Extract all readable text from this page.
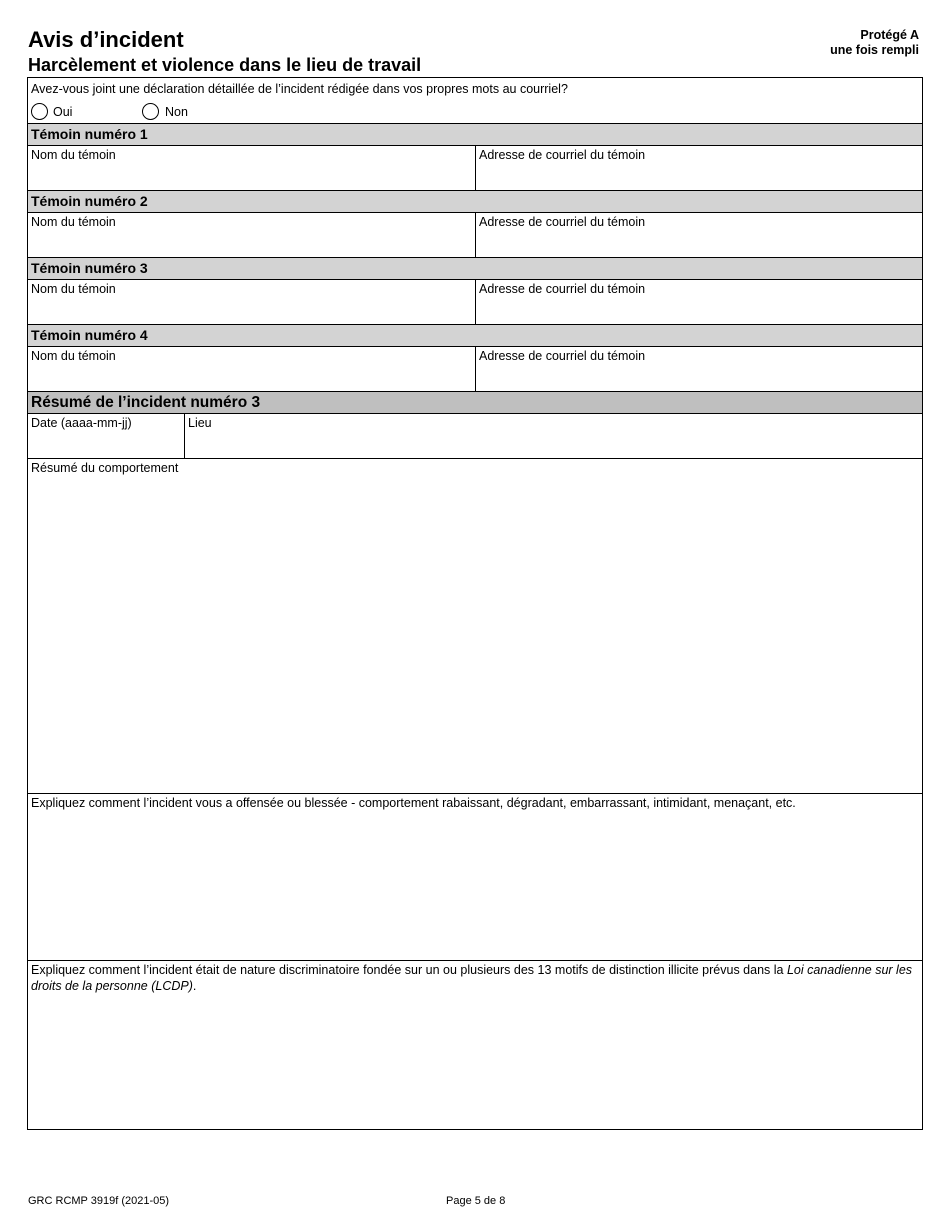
Avis d’incident
Harcèlement et violence dans le lieu de travail
Protégé A
une fois rempli
Avez-vous joint une déclaration détaillée de l’incident rédigée dans vos propres mots au courriel?
Oui	Non
Témoin numéro 1
Nom du témoin	Adresse de courriel du témoin
Témoin numéro 2
Nom du témoin	Adresse de courriel du témoin
Témoin numéro 3
Nom du témoin	Adresse de courriel du témoin
Témoin numéro 4
Nom du témoin	Adresse de courriel du témoin
Résumé de l’incident numéro 3
Date (aaaa-mm-jj)	Lieu
Résumé du comportement
Expliquez comment l’incident vous a offensée ou blessée - comportement rabaissant, dégradant, embarrassant, intimidant, menaçant, etc.
Expliquez comment l’incident était de nature discriminatoire fondée sur un ou plusieurs des 13 motifs de distinction illicite prévus dans la Loi canadienne sur les droits de la personne (LCDP).
GRC RCMP 3919f (2021-05)	Page 5 de 8
